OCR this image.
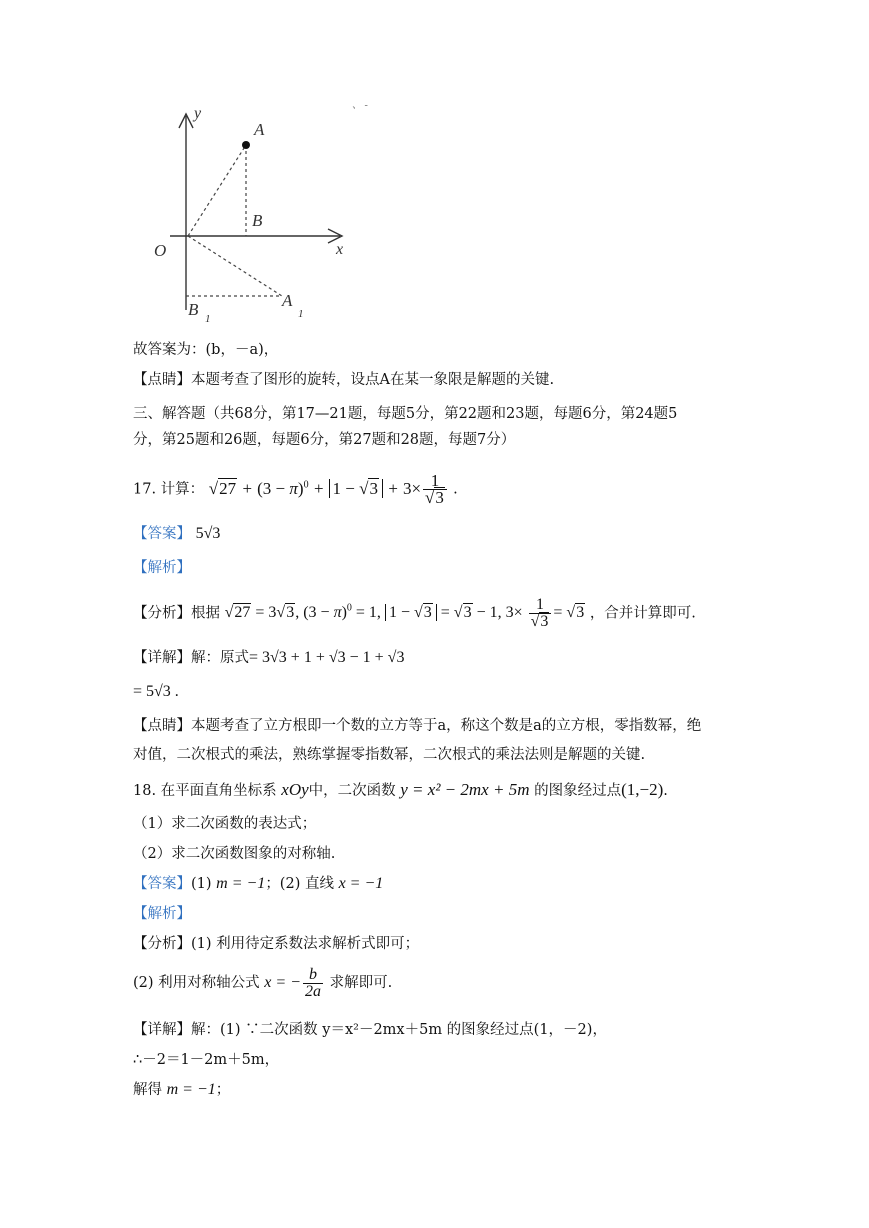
y
x
O
A
B
B 1
A
1
、 -
故答案为：(b，－a)，
【点睛】本题考查了图形的旋转，设点A在某一象限是解题的关键.
三、解答题（共68分，第17—21题，每题5分，第22题和23题，每题6分，第24题5
分，第25题和26题，每题6分，第27题和28题，每题7分）
17. 计算： $√27 + (3 - \pi)^0 + 1 - √3 + 3\times \frac{1}{√3}$ .
【答案】 5√3
【解析】
【分析】根据 √27 = 3√3, $(3 - \pi)^0 = 1$, 1 − √3 = √3 − 1, $3\times \frac{1}{√3} = √3$ ，合并计算即可.
【详解】解：原式= 3√3 + 1 + √3 − 1 + √3
= 5√3 .
【点睛】本题考查了立方根即一个数的立方等于a，称这个数是a的立方根，零指数幂，绝
对值，二次根式的乘法，熟练掌握零指数幂，二次根式的乘法法则是解题的关键.
18. 在平面直角坐标系 xOy中，二次函数 y = x² − 2mx + 5m 的图象经过点(1,−2).
（1）求二次函数的表达式；
（2）求二次函数图象的对称轴.
【答案】(1) m = −1；(2) 直线 x = −1
【解析】
【分析】(1) 利用待定系数法求解析式即可；
(2) 利用对称轴公式 x = − $\frac{b}{2a}$ 求解即可.
【详解】解：(1) ∵二次函数 y＝x²－2mx＋5m 的图象经过点(1，－2)，
∴－2＝1－2m＋5m，
解得 m = −1；
